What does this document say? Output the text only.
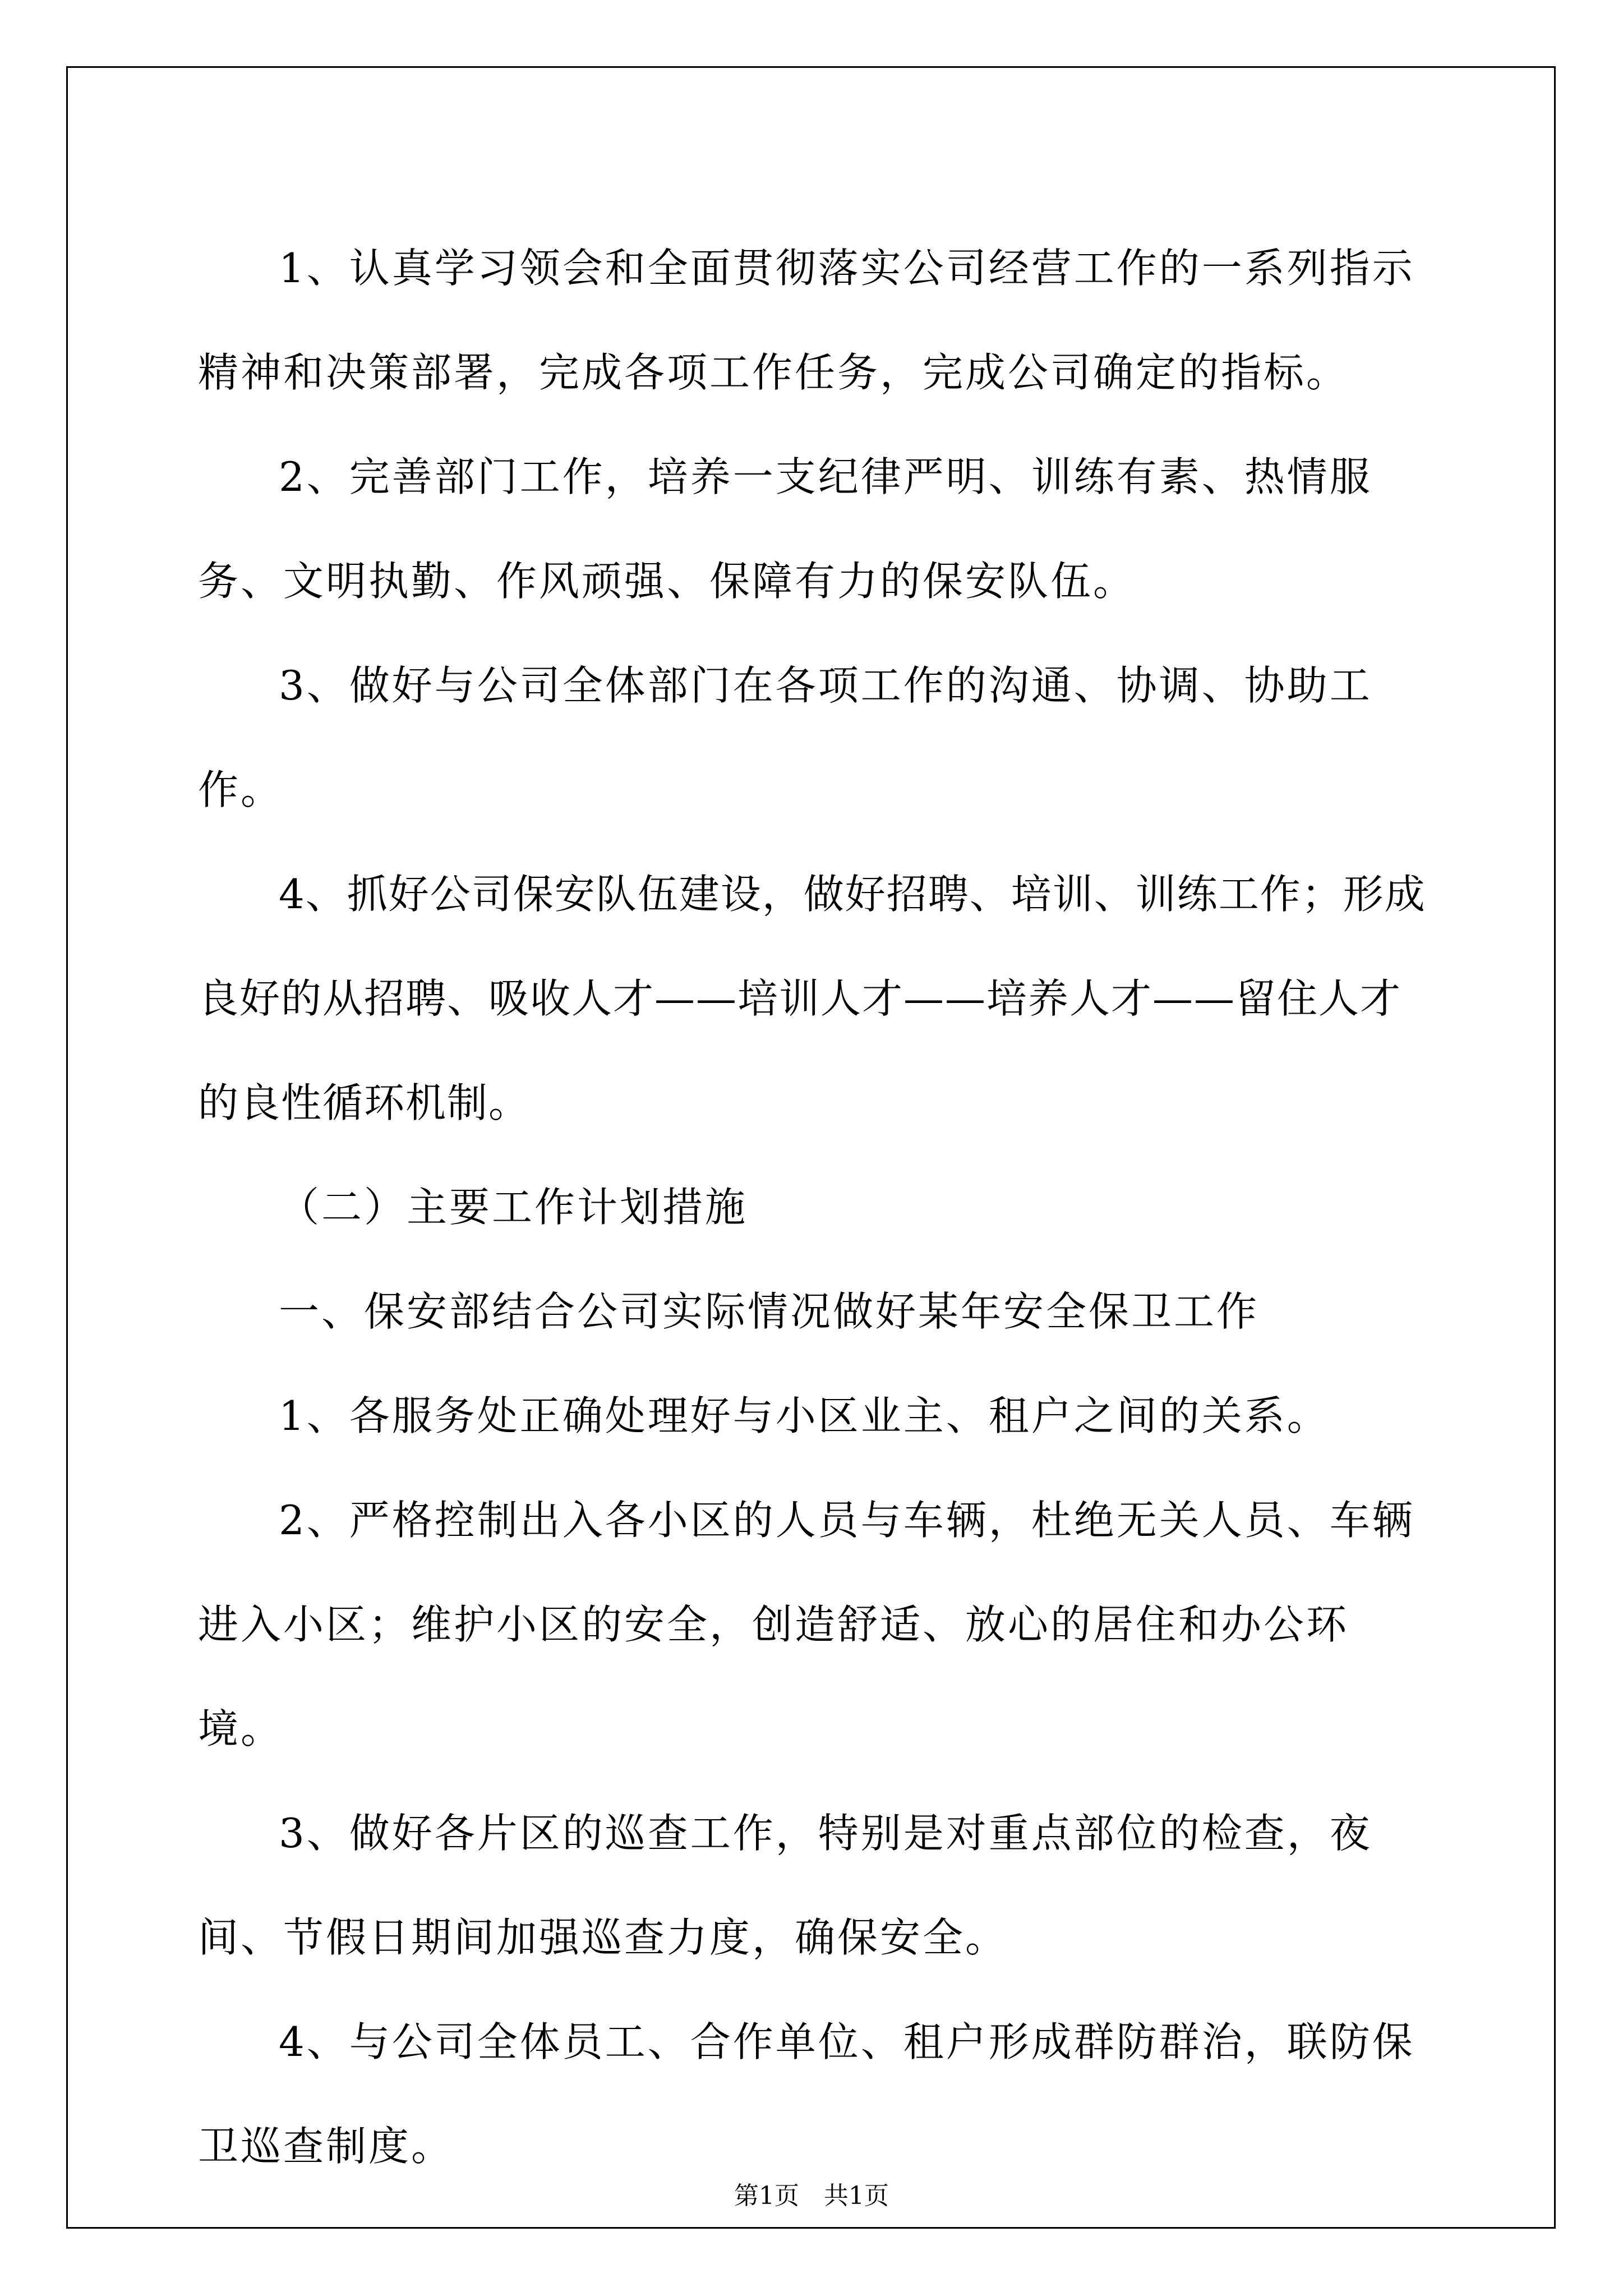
1、认真学习领会和全面贯彻落实公司经营工作的一系列指示精神和决策部署，完成各项工作任务，完成公司确定的指标。

2、完善部门工作，培养一支纪律严明、训练有素、热情服务、文明执勤、作风顽强、保障有力的保安队伍。

3、做好与公司全体部门在各项工作的沟通、协调、协助工作。

4、抓好公司保安队伍建设，做好招聘、培训、训练工作；形成良好的从招聘、吸收人才——培训人才——培养人才——留住人才的良性循环机制。

（二）主要工作计划措施

一、保安部结合公司实际情况做好某年安全保卫工作

1、各服务处正确处理好与小区业主、租户之间的关系。

2、严格控制出入各小区的人员与车辆，杜绝无关人员、车辆进入小区；维护小区的安全，创造舒适、放心的居住和办公环境。

3、做好各片区的巡查工作，特别是对重点部位的检查，夜间、节假日期间加强巡查力度，确保安全。

4、与公司全体员工、合作单位、租户形成群防群治，联防保卫巡查制度。

第1页　共1页
